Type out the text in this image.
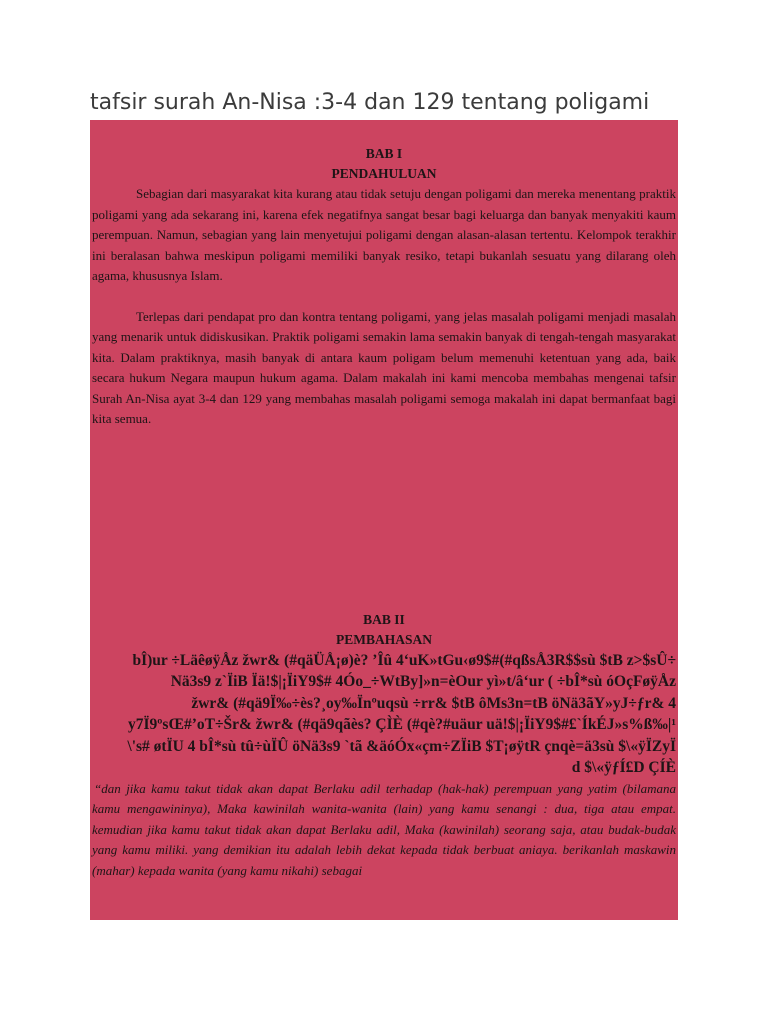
tafsir surah An-Nisa :3-4 dan 129 tentang poligami
BAB I
PENDAHULUAN

Sebagian dari masyarakat kita kurang atau tidak setuju dengan poligami dan mereka menentang praktik poligami yang ada sekarang ini, karena efek negatifnya sangat besar bagi keluarga dan banyak menyakiti kaum perempuan. Namun, sebagian yang lain menyetujui poligami dengan alasan-alasan tertentu. Kelompok terakhir ini beralasan bahwa meskipun poligami memiliki banyak resiko, tetapi bukanlah sesuatu yang dilarang oleh agama, khususnya Islam.

Terlepas dari pendapat pro dan kontra tentang poligami, yang jelas masalah poligami menjadi masalah yang menarik untuk didiskusikan. Praktik poligami semakin lama semakin banyak di tengah-tengah masyarakat kita. Dalam praktiknya, masih banyak di antara kaum poligam belum memenuhi ketentuan yang ada, baik secara hukum Negara maupun hukum agama. Dalam makalah ini kami mencoba membahas mengenai tafsir Surah An-Nisa ayat 3-4 dan 129 yang membahas masalah poligami semoga makalah ini dapat bermanfaat bagi kita semua.

BAB II
PEMBAHASAN

bÎ)ur ÷LäêøÿÅz žwr& (#qäÜÅ¡ø)è? ’Îû 4‘uK»tGu‹ø9$#(#qßsÅ3R$$sù $tB z>$sÛ÷

Nä3s9 z`ÏiB Ïä!$|¡ÏiY9$# 4Óo_÷WtBy]»n=èOur yì»t/â‘ur ( ÷bÎ*sù óOçFøÿÅz

žwr& (#qä9Ï‰÷ès?¸oy‰Ïnºuqsù ÷rr& $tB ôMs3n=tB öNä3ãY»yJ÷ƒr& 4

y7Ï9ºsŒ#’oT÷Šr& žwr& (#qä9qãès? ÇÌÈ (#qè?#uäur uä!$|¡ÏiY9$#£`ÍkÉJ»s%ß‰|¹

\'s# øtÏU 4 bÎ*sù tû÷ùÏÛ öNä3s9 `tã &äóÓx«çm÷ZÏiB $T¡øÿtR çnqè=ä3sù $\«ÿÏZyÏ

d $\«ÿƒÍ£D ÇÍÈ

“dan jika kamu takut tidak akan dapat Berlaku adil terhadap (hak-hak) perempuan yang yatim (bilamana kamu mengawininya), Maka kawinilah wanita-wanita (lain) yang kamu senangi : dua, tiga atau empat. kemudian jika kamu takut tidak akan dapat Berlaku adil, Maka (kawinilah) seorang saja, atau budak-budak yang kamu miliki. yang demikian itu adalah lebih dekat kepada tidak berbuat aniaya. berikanlah maskawin (mahar) kepada wanita (yang kamu nikahi) sebagai
